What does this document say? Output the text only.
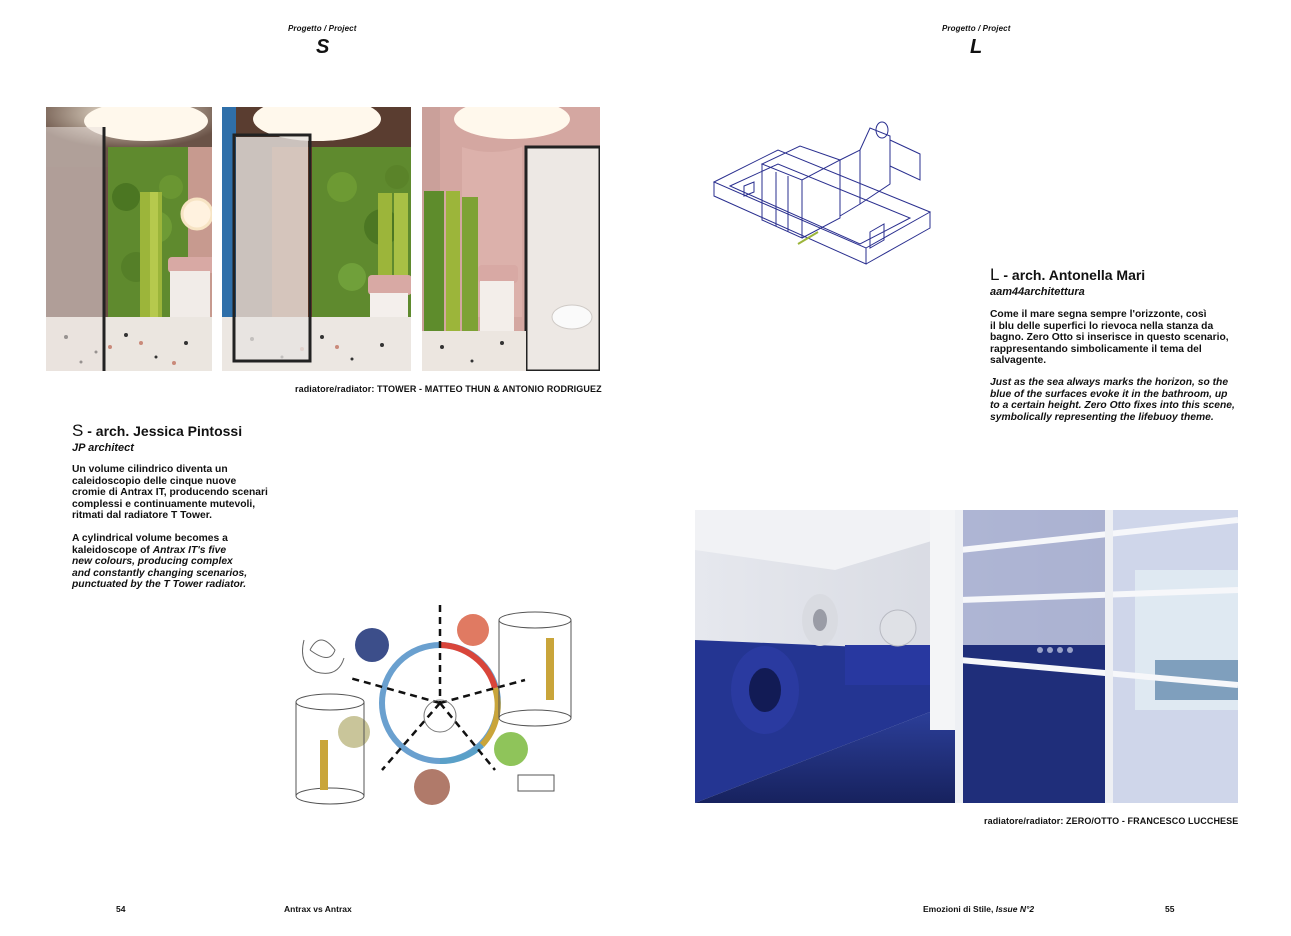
Progetto / Project
S
radiatore/radiator: TTOWER - MATTEO THUN & ANTONIO RODRIGUEZ
S - arch. Jessica Pintossi
JP architect
Un volume cilindrico diventa un
caleidoscopio delle cinque nuove
cromie di Antrax IT, producendo scenari
complessi e continuamente mutevoli,
ritmati dal radiatore T Tower.
A cylindrical volume becomes a
kaleidoscope of Antrax IT's five
new colours, producing complex
and constantly changing scenarios,
punctuated by the T Tower radiator.
54	Antrax vs Antrax
Progetto / Project
L
L - arch. Antonella Mari
aam44architettura
Come il mare segna sempre l'orizzonte, così
il blu delle superfici lo rievoca nella stanza da
bagno. Zero Otto si inserisce in questo scenario,
rappresentando simbolicamente il tema del
salvagente.
Just as the sea always marks the horizon, so the
blue of the surfaces evoke it in the bathroom, up
to a certain height. Zero Otto fixes into this scene,
symbolically representing the lifebuoy theme.
radiatore/radiator: ZERO/OTTO - FRANCESCO LUCCHESE
Emozioni di Stile, Issue N°2	55
